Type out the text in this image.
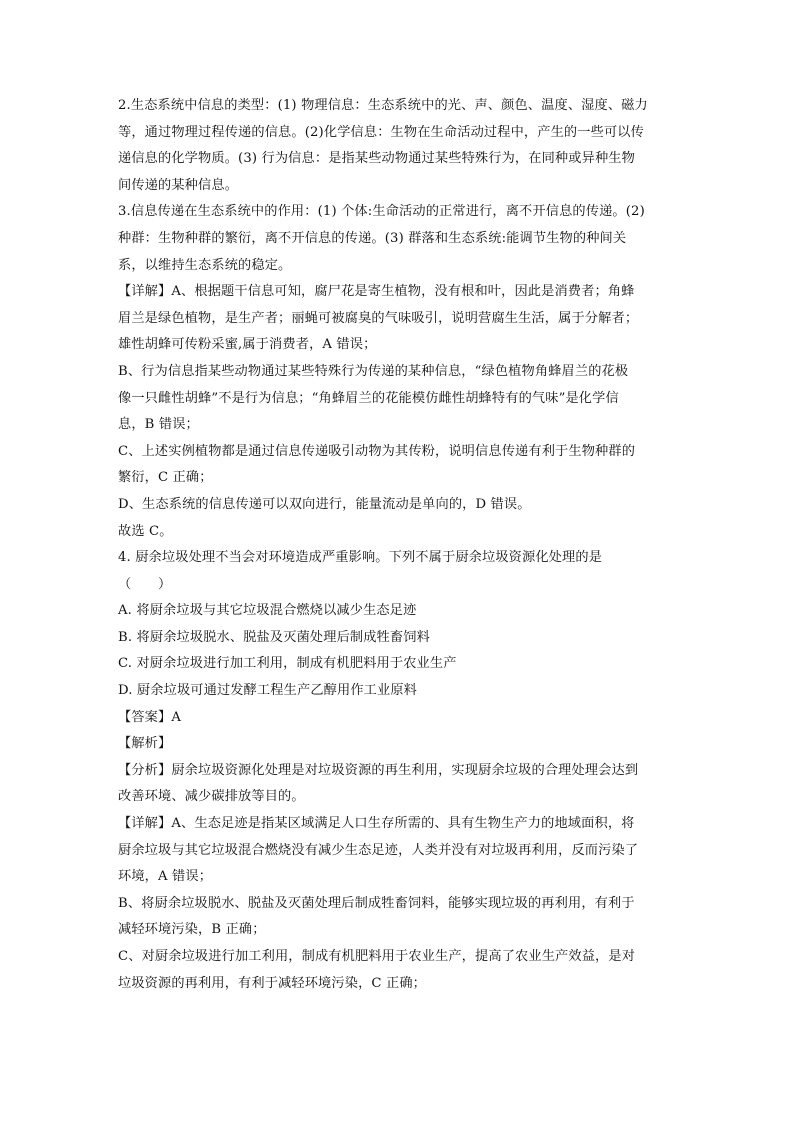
2.生态系统中信息的类型：(1) 物理信息：生态系统中的光、声、颜色、温度、湿度、磁力
等，通过物理过程传递的信息。(2)化学信息：生物在生命活动过程中，产生的一些可以传
递信息的化学物质。(3) 行为信息：是指某些动物通过某些特殊行为，在同种或异种生物
间传递的某种信息。
3.信息传递在生态系统中的作用：(1) 个体:生命活动的正常进行，离不开信息的传递。(2)
种群：生物种群的繁衍，离不开信息的传递。(3) 群落和生态系统:能调节生物的种间关
系，以维持生态系统的稳定。
【详解】A、根据题干信息可知，腐尸花是寄生植物，没有根和叶，因此是消费者；角蜂
眉兰是绿色植物，是生产者；丽蝇可被腐臭的气味吸引，说明营腐生生活，属于分解者；
雄性胡蜂可传粉采蜜,属于消费者，A 错误；
B、行为信息指某些动物通过某些特殊行为传递的某种信息，“绿色植物角蜂眉兰的花极
像一只雌性胡蜂”不是行为信息；“角蜂眉兰的花能模仿雌性胡蜂特有的气味”是化学信
息，B 错误；
C、上述实例植物都是通过信息传递吸引动物为其传粉，说明信息传递有利于生物种群的
繁衍，C 正确；
D、生态系统的信息传递可以双向进行，能量流动是单向的，D 错误。
故选 C。
4. 厨余垃圾处理不当会对环境造成严重影响。下列不属于厨余垃圾资源化处理的是
（　　）
A. 将厨余垃圾与其它垃圾混合燃烧以减少生态足迹
B. 将厨余垃圾脱水、脱盐及灭菌处理后制成牲畜饲料
C. 对厨余垃圾进行加工利用，制成有机肥料用于农业生产
D. 厨余垃圾可通过发酵工程生产乙醇用作工业原料
【答案】A
【解析】
【分析】厨余垃圾资源化处理是对垃圾资源的再生利用，实现厨余垃圾的合理处理会达到
改善环境、减少碳排放等目的。
【详解】A、生态足迹是指某区域满足人口生存所需的、具有生物生产力的地域面积，将
厨余垃圾与其它垃圾混合燃烧没有减少生态足迹，人类并没有对垃圾再利用，反而污染了
环境，A 错误；
B、将厨余垃圾脱水、脱盐及灭菌处理后制成牲畜饲料，能够实现垃圾的再利用，有利于
减轻环境污染，B 正确；
C、对厨余垃圾进行加工利用，制成有机肥料用于农业生产，提高了农业生产效益，是对
垃圾资源的再利用，有利于减轻环境污染，C 正确；
